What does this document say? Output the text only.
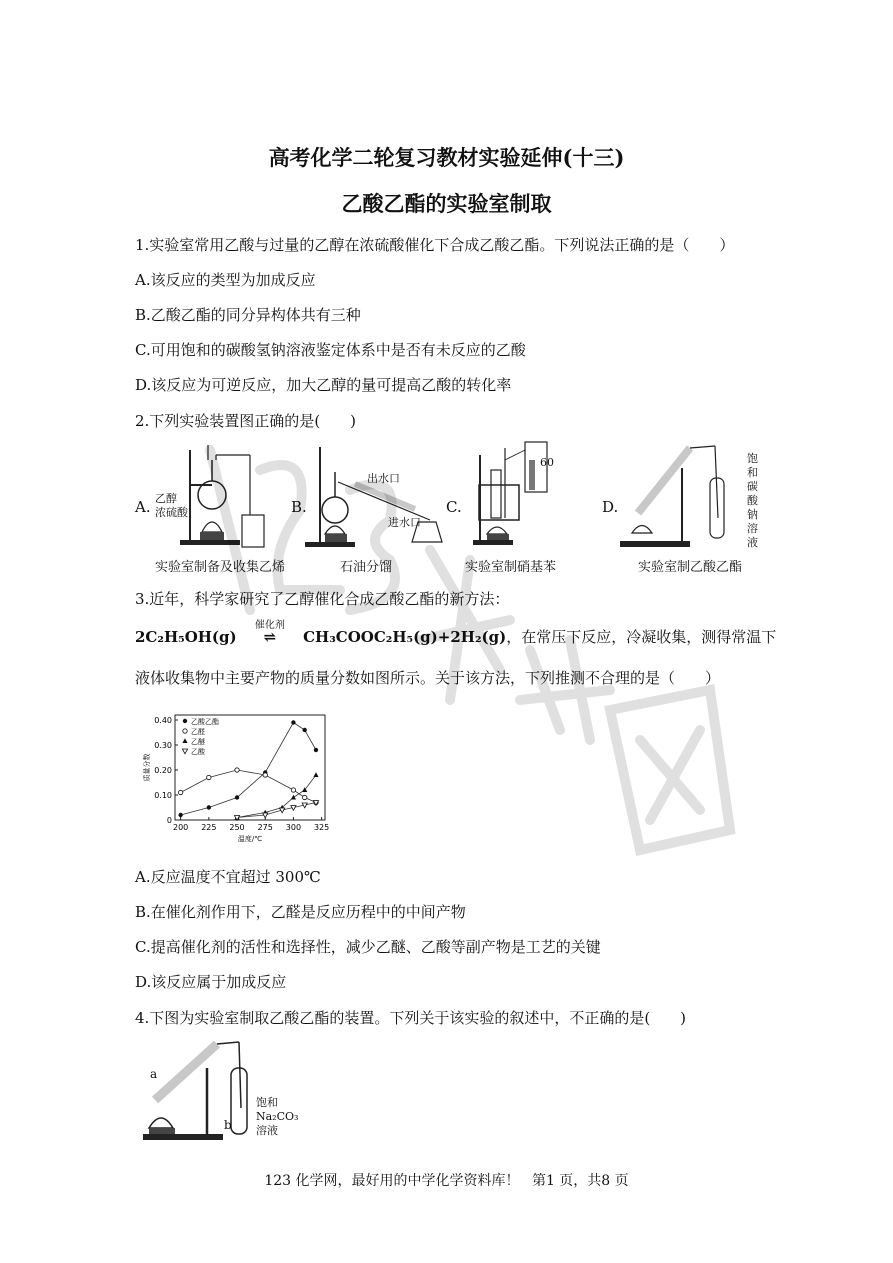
高考化学二轮复习教材实验延伸(十三)
乙酸乙酯的实验室制取
1.实验室常用乙酸与过量的乙醇在浓硫酸催化下合成乙酸乙酯。下列说法正确的是（　　）
A.该反应的类型为加成反应
B.乙酸乙酯的同分异构体共有三种
C.可用饱和的碳酸氢钠溶液鉴定体系中是否有未反应的乙酸
D.该反应为可逆反应，加大乙醇的量可提高乙酸的转化率
2.下列实验装置图正确的是(　　)
A.	B.	C.	D.
乙醇
浓硫酸
实验室制备及收集乙烯
出水口
进水口
石油分馏
60
实验室制硝基苯
饱和碳酸钠溶液
实验室制乙酸乙酯
3.近年，科学家研究了乙醇催化合成乙酸乙酯的新方法：
2C₂H₅OH(g)
催化剂
⇌ CH₃COOC₂H₅(g)+2H₂(g)，在常压下反应，冷凝收集，测得常温下
液体收集物中主要产物的质量分数如图所示。关于该方法，下列推测不合理的是（　　）
200 225 250 275 300 325
0
0.10
0.20
0.30
0.40
温度/℃
质量分数
乙酸乙酯
乙醛
乙醚
乙酸
A.反应温度不宜超过 300℃
B.在催化剂作用下，乙醛是反应历程中的中间产物
C.提高催化剂的活性和选择性，减少乙醚、乙酸等副产物是工艺的关键
D.该反应属于加成反应
4.下图为实验室制取乙酸乙酯的装置。下列关于该实验的叙述中，不正确的是(　　)
a
b
饱和
Na₂CO₃
溶液
123 化学网，最好用的中学化学资料库！ 第1 页，共8 页
